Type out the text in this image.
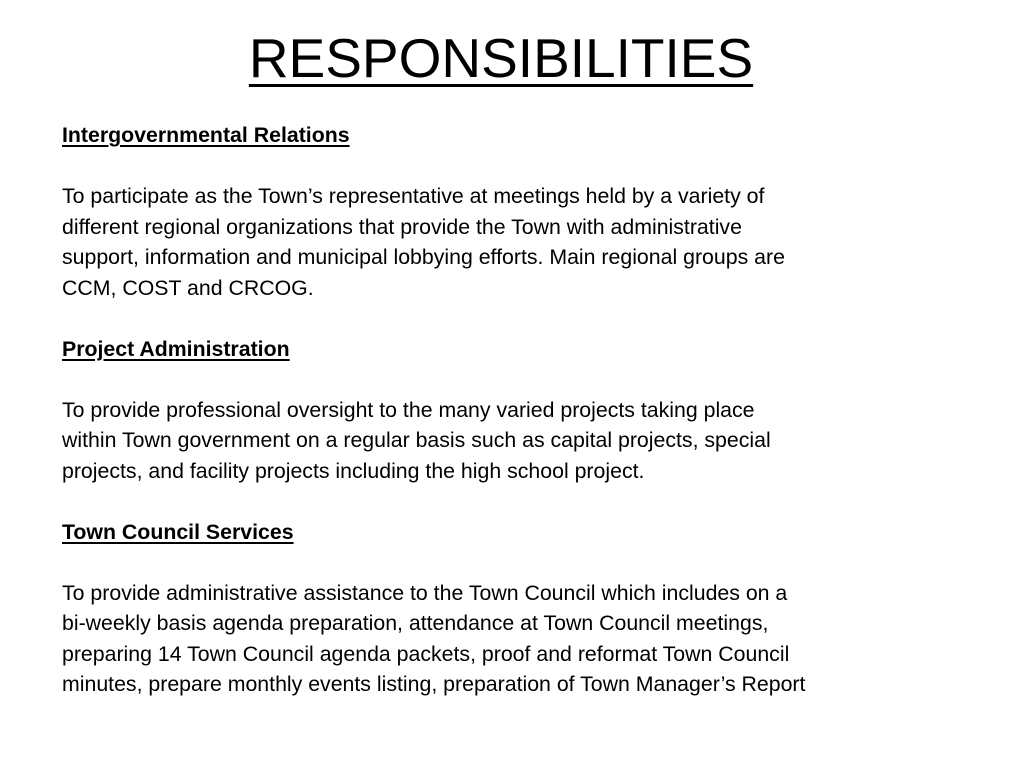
RESPONSIBILITIES

Intergovernmental Relations

To participate as the Town’s representative at meetings held by a variety of
different regional organizations that provide the Town with administrative
support, information and municipal lobbying efforts. Main regional groups are
CCM, COST and CRCOG.

Project Administration

To provide professional oversight to the many varied projects taking place
within Town government on a regular basis such as capital projects, special
projects, and facility projects including the high school project.

Town Council Services

To provide administrative assistance to the Town Council which includes on a
bi-weekly basis agenda preparation, attendance at Town Council meetings,
preparing 14 Town Council agenda packets, proof and reformat Town Council
minutes, prepare monthly events listing, preparation of Town Manager’s Report
